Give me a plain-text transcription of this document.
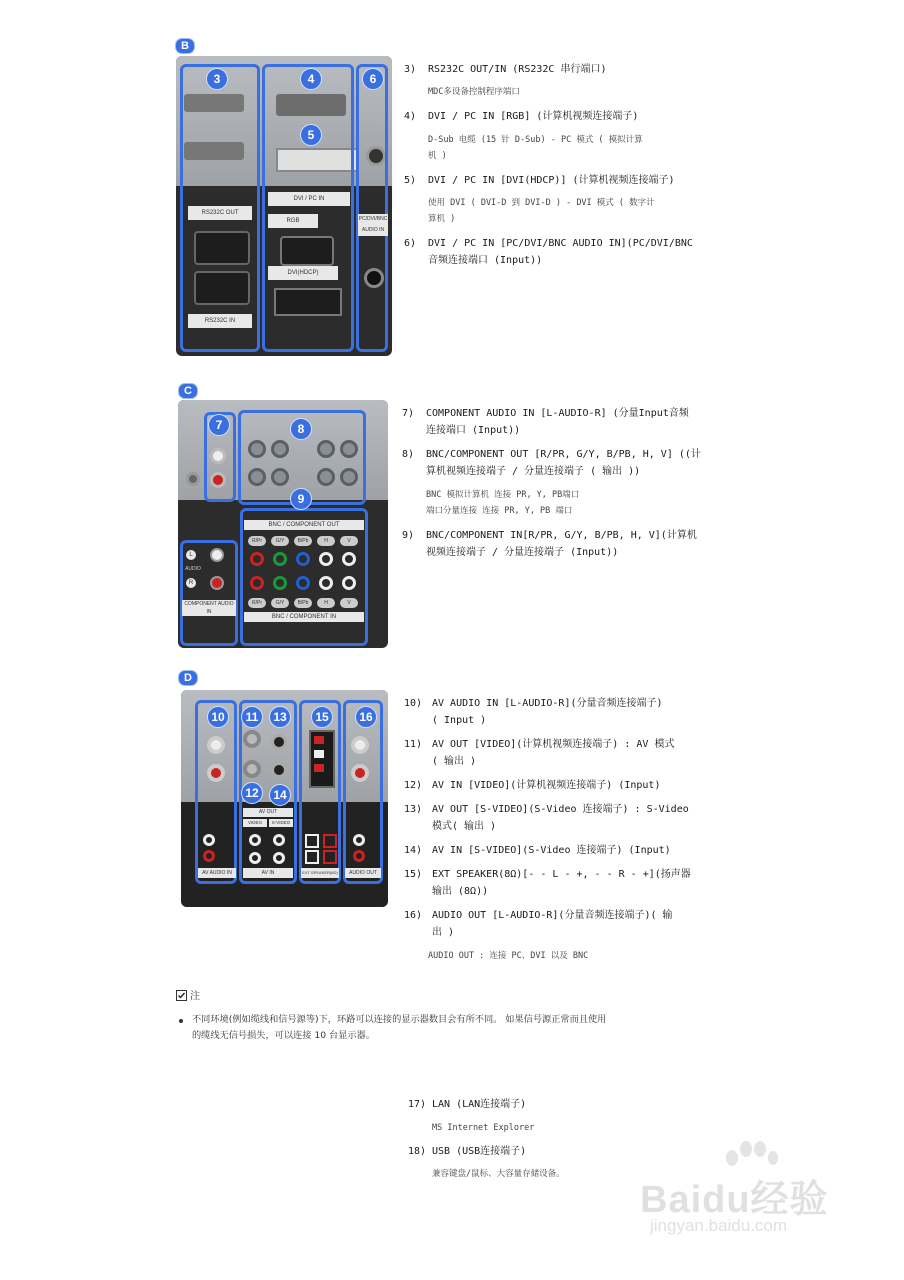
B
3	4
5
6
RS232C OUT
RS232C IN
DVI / PC IN
RGB
DVI(HDCP)
PC/DVI/BNC AUDIO IN

3) RS232C OUT/IN (RS232C 串行端口)

MDC多设备控制程序端口

4) DVI / PC IN [RGB] (计算机视频连接端子)

D-Sub 电缆 (15 针 D-Sub) - PC 模式 ( 模拟计算
机 )

5) DVI / PC IN [DVI(HDCP)] (计算机视频连接端子)

使用 DVI ( DVI-D 到 DVI-D ) - DVI 模式 ( 数字计
算机 )

6) DVI / PC IN [PC/DVI/BNC AUDIO IN](PC/DVI/BNC
音频连接端口 (Input))

C
7	8
9
BNC / COMPONENT OUT
BNC / COMPONENT IN
COMPONENT AUDIO IN
L
AUDIO
R
R/Pr	G/Y	B/Pb	H	V
R/Pr	G/Y	B/Pb	H	V

7) COMPONENT AUDIO IN [L-AUDIO-R] (分量Input音频
连接端口 (Input))

8) BNC/COMPONENT OUT [R/PR, G/Y, B/PB, H, V] ((计
算机视频连接端子 / 分量连接端子 ( 输出 ))

BNC 模拟计算机 连接 PR, Y, PB端口
端口分量连接 连接 PR, Y, PB 端口

9) BNC/COMPONENT IN[R/PR, G/Y, B/PB, H, V](计算机
视频连接端子 / 分量连接端子 (Input))

D
10	11	13	15	16
12	14
AV AUDIO IN
AV OUT
VIDEO	S-VIDEO
AV IN	EXT SPEAKER(8Ω)	AUDIO OUT

10) AV AUDIO IN [L-AUDIO-R](分量音频连接端子)
( Input )

11) AV OUT [VIDEO](计算机视频连接端子) : AV 模式
( 输出 )

12) AV IN [VIDEO](计算机视频连接端子) (Input)

13) AV OUT [S-VIDEO](S-Video 连接端子) : S-Video
模式( 输出 )

14) AV IN [S-VIDEO](S-Video 连接端子) (Input)

15) EXT SPEAKER(8Ω)[- - L - +, - - R - +](扬声器
输出 (8Ω))

16) AUDIO OUT [L-AUDIO-R](分量音频连接端子)( 输
出 )

AUDIO OUT : 连接 PC、DVI 以及 BNC
注
不同环境(例如缆线和信号源等)下，环路可以连接的显示器数目会有所不同。 如果信号源正常而且使用
的缆线无信号损失，可以连接 10 台显示器。

17) LAN (LAN连接端子)

MS Internet Explorer

18) USB (USB连接端子)

兼容键盘/鼠标、大容量存储设备。
Baidu经验
jingyan.baidu.com
